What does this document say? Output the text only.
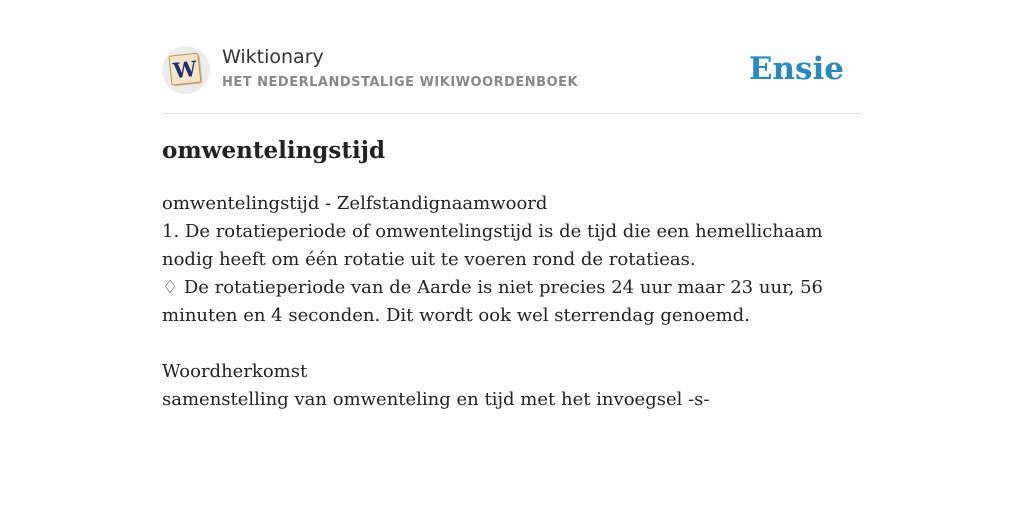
W Wiktionary
HET NEDERLANDSTALIGE WIKIWOORDENBOEK	Ensie
omwentelingstijd
omwentelingstijd - Zelfstandignaamwoord
1. De rotatieperiode of omwentelingstijd is de tijd die een hemellichaam nodig heeft om één rotatie uit te voeren rond de rotatieas.
♢ De rotatieperiode van de Aarde is niet precies 24 uur maar 23 uur, 56 minuten en 4 seconden. Dit wordt ook wel sterrendag genoemd.
Woordherkomst
samenstelling van omwenteling en tijd met het invoegsel -s-
